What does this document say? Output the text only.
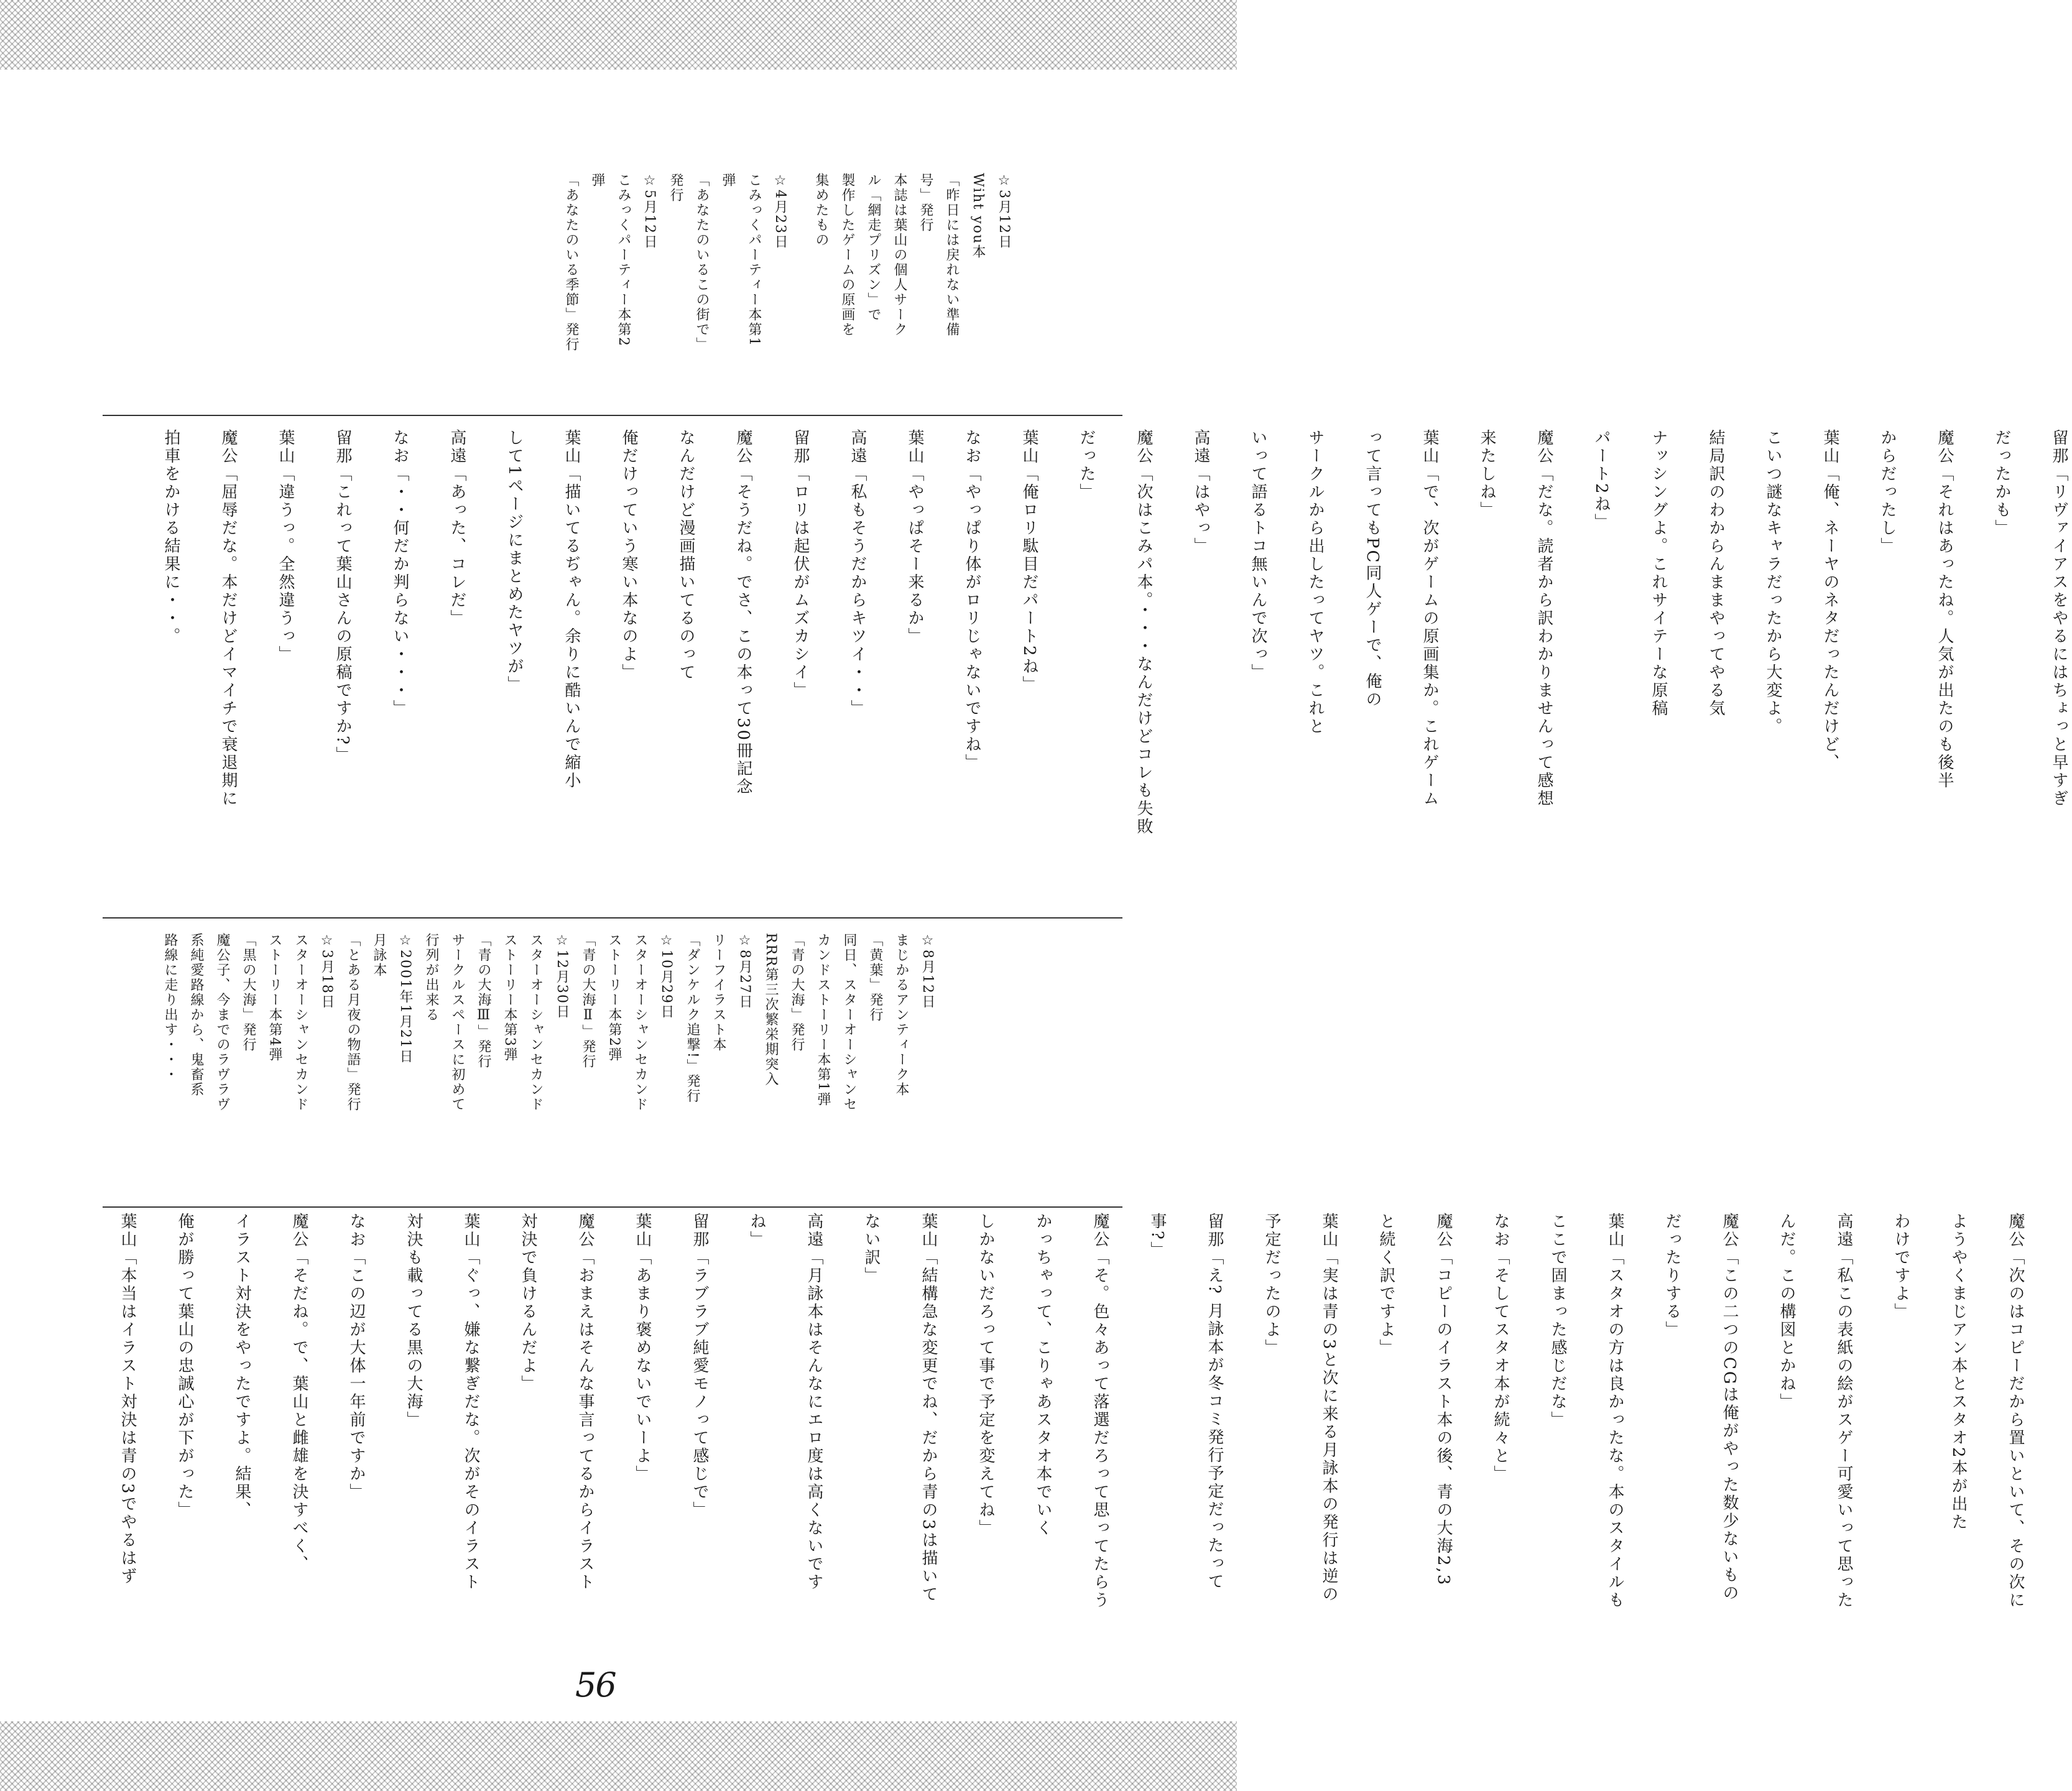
☆3月12日
Wiht you本
「昨日には戻れない準備
号」発行
本誌は葉山の個人サーク
ル「網走プリズン」で
製作したゲームの原画を
集めたもの
☆4月23日
こみっくパーティー本第1
弾
「あなたのいるこの街で」
発行
☆5月12日
こみっくパーティー本第2
弾
「あなたのいる季節」発行
留那
「リヴァイアスをやるにはちょっと早すぎ
だったかも」
魔公
「それはあったね。人気が出たのも後半
からだったし」
葉山
「俺、ネーヤのネタだったんだけど、
こいつ謎なキャラだったから大変よ。
結局訳のわからんままやってやる気
ナッシングよ。これサイテーな原稿
パート2ね」
魔公
「だな。読者から訳わかりませんって感想
来たしね」
葉山
「で、次がゲームの原画集か。これゲーム
って言ってもPC同人ゲーで、俺の
サークルから出したってヤツ。これと
いって語るトコ無いんで次っ」
高遠
「はやっ」
魔公
「次はこみパ本。・・・なんだけどコレも失敗
だった」
葉山
「俺ロリ駄目だパート2ね」
なお
「やっぱり体がロリじゃないですね」
葉山
「やっぱそー来るか」
高遠
「私もそうだからキツイ・・」
留那
「ロリは起伏がムズカシイ」
魔公
「そうだね。でさ、この本って30冊記念
なんだけど漫画描いてるのって
俺だけっていう寒い本なのよ」
葉山
「描いてるぢゃん。余りに酷いんで縮小
して1ページにまとめたヤツが」
高遠
「あった、コレだ」
なお
「・・何だか判らない・・・」
留那
「これって葉山さんの原稿ですか?」
葉山
「違うっ。全然違うっ」
魔公
「屈辱だな。本だけどイマイチで衰退期に
拍車をかける結果に・・。
☆8月12日
まじかるアンティーク本
「黄葉」発行
同日、スターオーシャンセ
カンドストーリー本第1弾
「青の大海」発行
RRR第三次繁栄期突入
☆8月27日
リーフイラスト本
「ダンケルク追撃!」発行
☆10月29日
スターオーシャンセカンド
ストーリー本第2弾
「青の大海Ⅱ」発行
☆12月30日
スターオーシャンセカンド
ストーリー本第3弾
「青の大海Ⅲ」発行
サークルスペースに初めて
行列が出来る
☆2001年1月21日
月詠本
「とある月夜の物語」発行
☆3月18日
スターオーシャンセカンド
ストーリー本第4弾
「黒の大海」発行
魔公子、今までのラヴラヴ
系純愛路線から、鬼畜系
路線に走り出す・・・
魔公
「次のはコピーだから置いといて、その次に
ようやくまじアン本とスタオ2本が出た
わけですよ」
高遠
「私この表紙の絵がスゲー可愛いって思った
んだ。この構図とかね」
魔公
「この二つのCGは俺がやった数少ないもの
だったりする」
葉山
「スタオの方は良かったな。本のスタイルも
ここで固まった感じだな」
なお
「そしてスタオ本が続々と」
魔公
「コピーのイラスト本の後、青の大海2,3
と続く訳ですよ」
葉山
「実は青の3と次に来る月詠本の発行は逆の
予定だったのよ」
留那
「え? 月詠本が冬コミ発行予定だったって
事?」
魔公
「そ。色々あって落選だろって思ってたらう
かっちゃって、こりゃあスタオ本でいく
しかないだろって事で予定を変えてね」
葉山
「結構急な変更でね、だから青の3は描いて
ない訳」
高遠
「月詠本はそんなにエロ度は高くないです
ね」
留那
「ラブラブ純愛モノって感じで」
葉山
「あまり褒めないでいーよ」
魔公
「おまえはそんな事言ってるからイラスト
対決で負けるんだよ」
葉山
「ぐっ、嫌な繋ぎだな。次がそのイラスト
対決も載ってる黒の大海」
なお
「この辺が大体一年前ですか」
魔公
「そだね。で、葉山と雌雄を決すべく、
イラスト対決をやったですよ。結果、
俺が勝って葉山の忠誠心が下がった」
葉山
「本当はイラスト対決は青の3でやるはず
56
